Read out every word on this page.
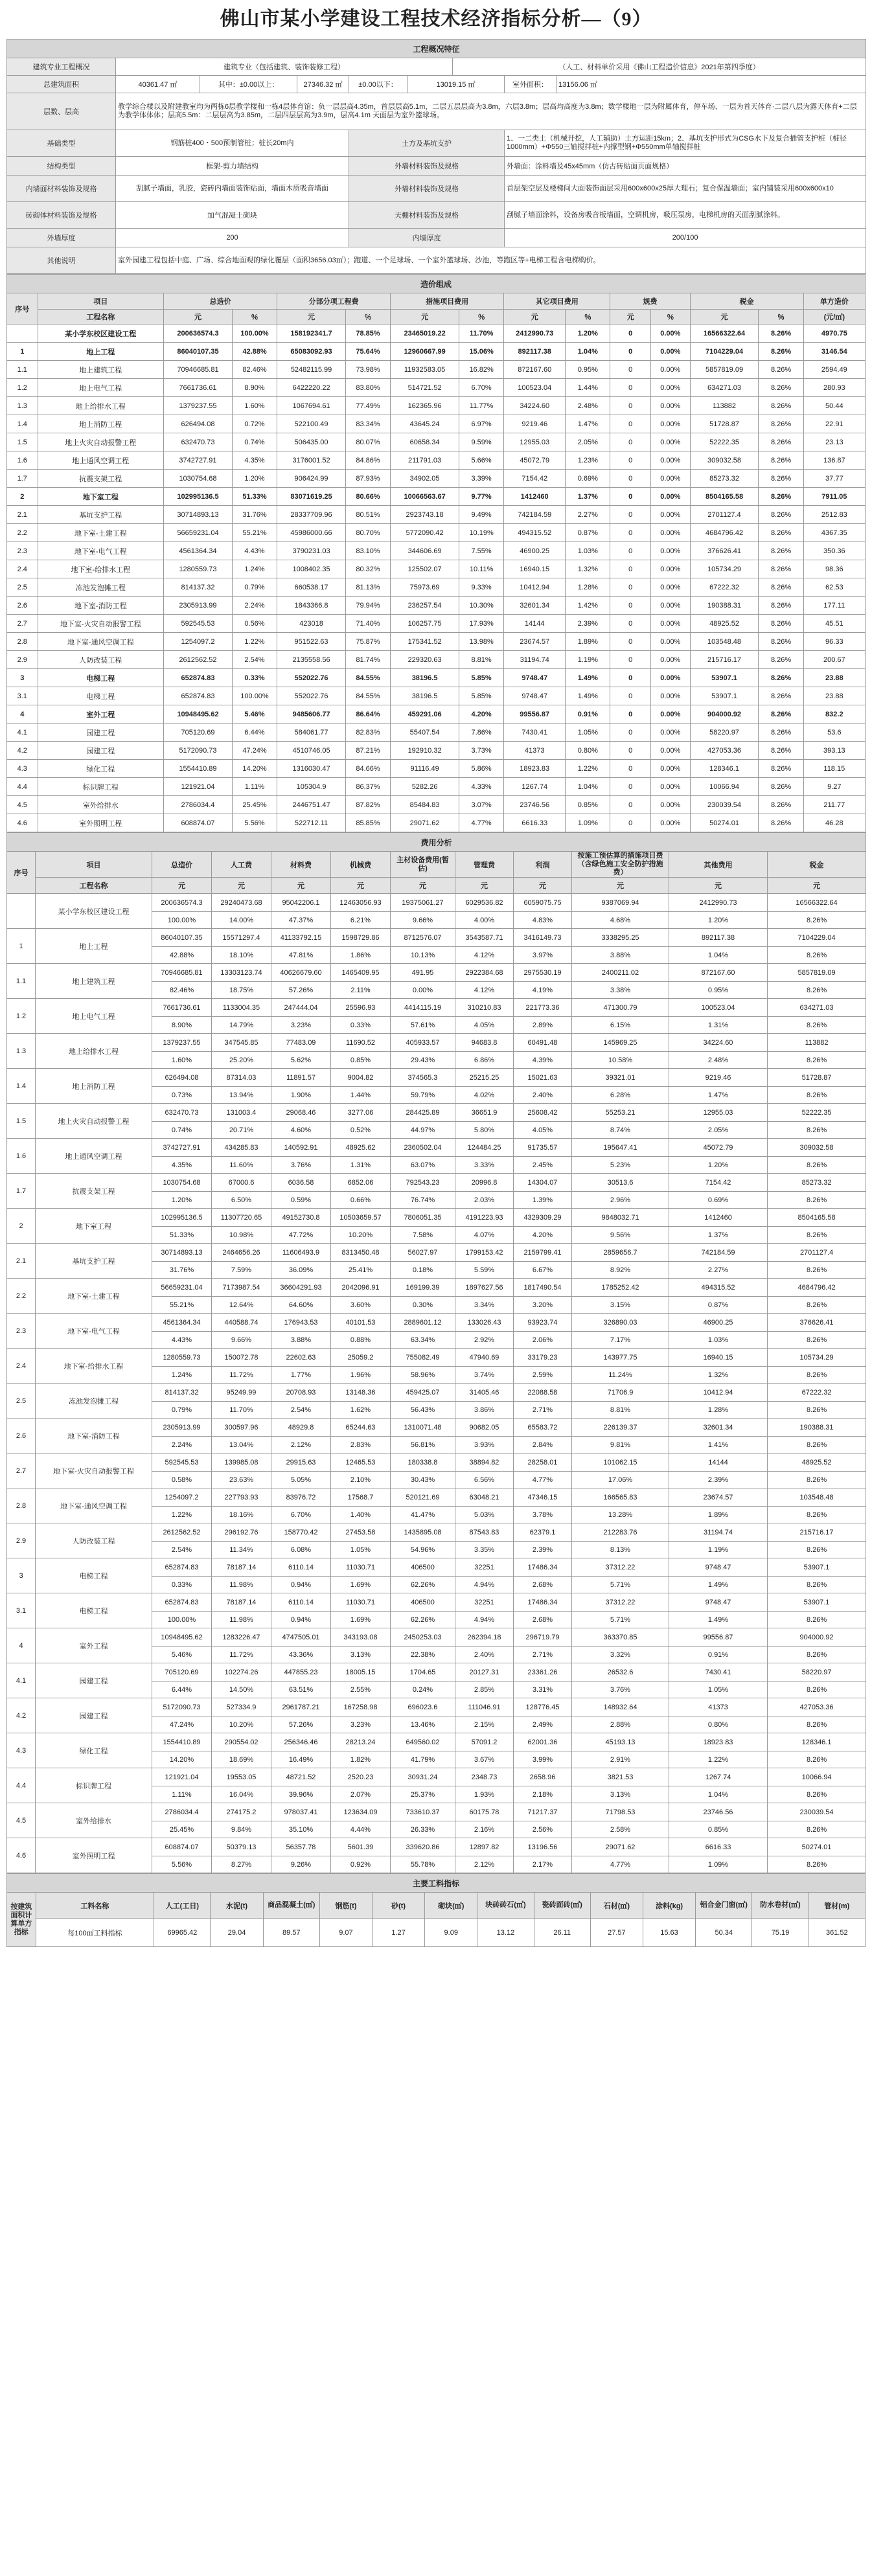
佛山市某小学建设工程技术经济指标分析—（9）
工程概况特征								
建筑专业工程概况	建筑专业（包括建筑、装饰装修工程）					（人工、材料单价采用《佛山工程造价信息》2021年第四季度）		
总建筑面积	40361.47 ㎡	其中：±0.00以上：	27346.32 ㎡	±0.00以下：	13019.15 ㎡		室外面积：	13156.06 ㎡
层数、层高	教学综合楼以及附建教室均为两栋6层教学楼和一栋4层体育馆：负一层层高4.35m，首层层高5.1m，二层五层层高为3.8m，六层3.8m；层高均高度为3.8m；数学楼地一层为附属体育，停车场、一层为首天体育·二层八层为露天体育+二层为教学体体体；层高5.5m：二层层高为3.85m，二层四层层高为3.9m，层高4.1m 天面层为室外篮球场。							
基础类型	钢筋桩400・500预制管桩；桩长20m内			土方及基坑支护			1、一二类土（机械开挖，人工辅助）土方运距15km；2、基坑支护形式为CSG水下及复合插管支护桩（桩径1000mm）+Φ550三轴搅拌桩+内撑型钢+Φ550mm单轴搅拌桩	
结构类型	框架-剪力墙结构			外墙材料装饰及规格			外墙面：涂料墙及45x45mm（仿古砖贴面页面规格）	
内墙面材料装饰及规格	刮腻子墙面，乳胶，瓷砖内墙面装饰贴面，墙面木质吸音墙面			外墙材料装饰及规格			首层架空层及楼梯间大面装饰面层采用600x600x25厚大理石；复合保温墙面；室内铺装采用600x600x10	
砖砌体材料装饰及规格	加气混凝土砌块			天棚材料装饰及规格			刮腻子墙面涂料，设备房吸音板墙面，空调机房，吸压泵房，电梯机房的天面刮腻涂料。	
外墙厚度	200			内墙厚度			200/100	
其他说明	室外园建工程包括中庭、广场、综合地面观的绿化覆层（面积3656.03㎡）；跑道、一个足球场、一个室外篮球场、沙池，等跑区等+电梯工程含电梯购价。							
造价组成														
序号	项目	总造价		分部分项工程费		措施项目费用		其它项目费用		规费		税金		单方造价
	工程名称	元	％	元	％	元	％	元	％	元	％	元	％	(元/㎡)
	某小学东校区建设工程	200636574.3	100.00%	158192341.7	78.85%	23465019.22	11.70%	2412990.73	1.20%	0	0.00%	16566322.64	8.26%	4970.75
1	地上工程	86040107.35	42.88%	65083092.93	75.64%	12960667.99	15.06%	892117.38	1.04%	0	0.00%	7104229.04	8.26%	3146.54
1.1	地上建筑工程	70946685.81	82.46%	52482115.99	73.98%	11932583.05	16.82%	872167.60	0.95%	0	0.00%	5857819.09	8.26%	2594.49
1.2	地上电气工程	7661736.61	8.90%	6422220.22	83.80%	514721.52	6.70%	100523.04	1.44%	0	0.00%	634271.03	8.26%	280.93
1.3	地上给排水工程	1379237.55	1.60%	1067694.61	77.49%	162365.96	11.77%	34224.60	2.48%	0	0.00%	113882	8.26%	50.44
1.4	地上消防工程	626494.08	0.72%	522100.49	83.34%	43645.24	6.97%	9219.46	1.47%	0	0.00%	51728.87	8.26%	22.91
1.5	地上火灾自动报警工程	632470.73	0.74%	506435.00	80.07%	60658.34	9.59%	12955.03	2.05%	0	0.00%	52222.35	8.26%	23.13
1.6	地上通风空调工程	3742727.91	4.35%	3176001.52	84.86%	211791.03	5.66%	45072.79	1.23%	0	0.00%	309032.58	8.26%	136.87
1.7	抗震支架工程	1030754.68	1.20%	906424.99	87.93%	34902.05	3.39%	7154.42	0.69%	0	0.00%	85273.32	8.26%	37.77
2	地下室工程	102995136.5	51.33%	83071619.25	80.66%	10066563.67	9.77%	1412460	1.37%	0	0.00%	8504165.58	8.26%	7911.05
2.1	基坑支护工程	30714893.13	31.76%	28337709.96	80.51%	2923743.18	9.49%	742184.59	2.27%	0	0.00%	2701127.4	8.26%	2512.83
2.2	地下室-土建工程	56659231.04	55.21%	45986000.66	80.70%	5772090.42	10.19%	494315.52	0.87%	0	0.00%	4684796.42	8.26%	4367.35
2.3	地下室-电气工程	4561364.34	4.43%	3790231.03	83.10%	344606.69	7.55%	46900.25	1.03%	0	0.00%	376626.41	8.26%	350.36
2.4	地下室-给排水工程	1280559.73	1.24%	1008402.35	80.32%	125502.07	10.11%	16940.15	1.32%	0	0.00%	105734.29	8.26%	98.36
2.5	冻池发泡摊工程	814137.32	0.79%	660538.17	81.13%	75973.69	9.33%	10412.94	1.28%	0	0.00%	67222.32	8.26%	62.53
2.6	地下室-消防工程	2305913.99	2.24%	1843366.8	79.94%	236257.54	10.30%	32601.34	1.42%	0	0.00%	190388.31	8.26%	177.11
2.7	地下室-火灾自动报警工程	592545.53	0.56%	423018	71.40%	106257.75	17.93%	14144	2.39%	0	0.00%	48925.52	8.26%	45.51
2.8	地下室-通风空调工程	1254097.2	1.22%	951522.63	75.87%	175341.52	13.98%	23674.57	1.89%	0	0.00%	103548.48	8.26%	96.33
2.9	人防改装工程	2612562.52	2.54%	2135558.56	81.74%	229320.63	8.81%	31194.74	1.19%	0	0.00%	215716.17	8.26%	200.67
3	电梯工程	652874.83	0.33%	552022.76	84.55%	38196.5	5.85%	9748.47	1.49%	0	0.00%	53907.1	8.26%	23.88
3.1	电梯工程	652874.83	100.00%	552022.76	84.55%	38196.5	5.85%	9748.47	1.49%	0	0.00%	53907.1	8.26%	23.88
4	室外工程	10948495.62	5.46%	9485606.77	86.64%	459291.06	4.20%	99556.87	0.91%	0	0.00%	904000.92	8.26%	832.2
4.1	园建工程	705120.69	6.44%	584061.77	82.83%	55407.54	7.86%	7430.41	1.05%	0	0.00%	58220.97	8.26%	53.6
4.2	园建工程	5172090.73	47.24%	4510746.05	87.21%	192910.32	3.73%	41373	0.80%	0	0.00%	427053.36	8.26%	393.13
4.3	绿化工程	1554410.89	14.20%	1316030.47	84.66%	91116.49	5.86%	18923.83	1.22%	0	0.00%	128346.1	8.26%	118.15
4.4	标识牌工程	121921.04	1.11%	105304.9	86.37%	5282.26	4.33%	1267.74	1.04%	0	0.00%	10066.94	8.26%	9.27
4.5	室外给排水	2786034.4	25.45%	2446751.47	87.82%	85484.83	3.07%	23746.56	0.85%	0	0.00%	230039.54	8.26%	211.77
4.6	室外照明工程	608874.07	5.56%	522712.11	85.85%	29071.62	4.77%	6616.33	1.09%	0	0.00%	50274.01	8.26%	46.28
费用分析											
序号	项目	总造价	人工费	材料费	机械费	主材设备费用(暂估)	管理费	利润	按施工预估算的措施项目费（含绿色施工安全防护措施费）	其他费用	税金
	工程名称										
		元	元	元	元	元	元	元	元	元	元
	某小学东校区建设工程	200636574.3	29240473.68	95042206.1	12463056.93	19375061.27	6029536.82	6059075.75	9387069.94	2412990.73	16566322.64
		100.00%	14.00%	47.37%	6.21%	9.66%	4.00%	4.83%	4.68%	1.20%	8.26%
1	地上工程	86040107.35	15571297.4	41133792.15	1598729.86	8712576.07	3543587.71	3416149.73	3338295.25	892117.38	7104229.04
		42.88%	18.10%	47.81%	1.86%	10.13%	4.12%	3.97%	3.88%	1.04%	8.26%
1.1	地上建筑工程	70946685.81	13303123.74	40626679.60	1465409.95	491.95	2922384.68	2975530.19	2400211.02	872167.60	5857819.09
		82.46%	18.75%	57.26%	2.11%	0.00%	4.12%	4.19%	3.38%	0.95%	8.26%
1.2	地上电气工程	7661736.61	1133004.35	247444.04	25596.93	4414115.19	310210.83	221773.36	471300.79	100523.04	634271.03
		8.90%	14.79%	3.23%	0.33%	57.61%	4.05%	2.89%	6.15%	1.31%	8.26%
1.3	地上给排水工程	1379237.55	347545.85	77483.09	11690.52	405933.57	94683.8	60491.48	145969.25	34224.60	113882
		1.60%	25.20%	5.62%	0.85%	29.43%	6.86%	4.39%	10.58%	2.48%	8.26%
1.4	地上消防工程	626494.08	87314.03	11891.57	9004.82	374565.3	25215.25	15021.63	39321.01	9219.46	51728.87
		0.73%	13.94%	1.90%	1.44%	59.79%	4.02%	2.40%	6.28%	1.47%	8.26%
1.5	地上火灾自动报警工程	632470.73	131003.4	29068.46	3277.06	284425.89	36651.9	25608.42	55253.21	12955.03	52222.35
		0.74%	20.71%	4.60%	0.52%	44.97%	5.80%	4.05%	8.74%	2.05%	8.26%
1.6	地上通风空调工程	3742727.91	434285.83	140592.91	48925.62	2360502.04	124484.25	91735.57	195647.41	45072.79	309032.58
		4.35%	11.60%	3.76%	1.31%	63.07%	3.33%	2.45%	5.23%	1.20%	8.26%
1.7	抗震支架工程	1030754.68	67000.6	6036.58	6852.06	792543.23	20996.8	14304.07	30513.6	7154.42	85273.32
		1.20%	6.50%	0.59%	0.66%	76.74%	2.03%	1.39%	2.96%	0.69%	8.26%
2	地下室工程	102995136.5	11307720.65	49152730.8	10503659.57	7806051.35	4191223.93	4329309.29	9848032.71	1412460	8504165.58
		51.33%	10.98%	47.72%	10.20%	7.58%	4.07%	4.20%	9.56%	1.37%	8.26%
2.1	基坑支护工程	30714893.13	2464656.26	11606493.9	8313450.48	56027.97	1799153.42	2159799.41	2859656.7	742184.59	2701127.4
		31.76%	7.59%	36.09%	25.41%	0.18%	5.59%	6.67%	8.92%	2.27%	8.26%
2.2	地下室-土建工程	56659231.04	7173987.54	36604291.93	2042096.91	169199.39	1897627.56	1817490.54	1785252.42	494315.52	4684796.42
		55.21%	12.64%	64.60%	3.60%	0.30%	3.34%	3.20%	3.15%	0.87%	8.26%
2.3	地下室-电气工程	4561364.34	440588.74	176943.53	40101.53	2889601.12	133026.43	93923.74	326890.03	46900.25	376626.41
		4.43%	9.66%	3.88%	0.88%	63.34%	2.92%	2.06%	7.17%	1.03%	8.26%
2.4	地下室-给排水工程	1280559.73	150072.78	22602.63	25059.2	755082.49	47940.69	33179.23	143977.75	16940.15	105734.29
		1.24%	11.72%	1.77%	1.96%	58.96%	3.74%	2.59%	11.24%	1.32%	8.26%
2.5	冻池发泡摊工程	814137.32	95249.99	20708.93	13148.36	459425.07	31405.46	22088.58	71706.9	10412.94	67222.32
		0.79%	11.70%	2.54%	1.62%	56.43%	3.86%	2.71%	8.81%	1.28%	8.26%
2.6	地下室-消防工程	2305913.99	300597.96	48929.8	65244.63	1310071.48	90682.05	65583.72	226139.37	32601.34	190388.31
		2.24%	13.04%	2.12%	2.83%	56.81%	3.93%	2.84%	9.81%	1.41%	8.26%
2.7	地下室-火灾自动报警工程	592545.53	139985.08	29915.63	12465.53	180338.8	38894.82	28258.01	101062.15	14144	48925.52
		0.58%	23.63%	5.05%	2.10%	30.43%	6.56%	4.77%	17.06%	2.39%	8.26%
2.8	地下室-通风空调工程	1254097.2	227793.93	83976.72	17568.7	520121.69	63048.21	47346.15	166565.83	23674.57	103548.48
		1.22%	18.16%	6.70%	1.40%	41.47%	5.03%	3.78%	13.28%	1.89%	8.26%
2.9	人防改装工程	2612562.52	296192.76	158770.42	27453.58	1435895.08	87543.83	62379.1	212283.76	31194.74	215716.17
		2.54%	11.34%	6.08%	1.05%	54.96%	3.35%	2.39%	8.13%	1.19%	8.26%
3	电梯工程	652874.83	78187.14	6110.14	11030.71	406500	32251	17486.34	37312.22	9748.47	53907.1
		0.33%	11.98%	0.94%	1.69%	62.26%	4.94%	2.68%	5.71%	1.49%	8.26%
3.1	电梯工程	652874.83	78187.14	6110.14	11030.71	406500	32251	17486.34	37312.22	9748.47	53907.1
		100.00%	11.98%	0.94%	1.69%	62.26%	4.94%	2.68%	5.71%	1.49%	8.26%
4	室外工程	10948495.62	1283226.47	4747505.01	343193.08	2450253.03	262394.18	296719.79	363370.85	99556.87	904000.92
		5.46%	11.72%	43.36%	3.13%	22.38%	2.40%	2.71%	3.32%	0.91%	8.26%
4.1	园建工程	705120.69	102274.26	447855.23	18005.15	1704.65	20127.31	23361.26	26532.6	7430.41	58220.97
		6.44%	14.50%	63.51%	2.55%	0.24%	2.85%	3.31%	3.76%	1.05%	8.26%
4.2	园建工程	5172090.73	527334.9	2961787.21	167258.98	696023.6	111046.91	128776.45	148932.64	41373	427053.36
		47.24%	10.20%	57.26%	3.23%	13.46%	2.15%	2.49%	2.88%	0.80%	8.26%
4.3	绿化工程	1554410.89	290554.02	256346.46	28213.24	649560.02	57091.2	62001.36	45193.13	18923.83	128346.1
		14.20%	18.69%	16.49%	1.82%	41.79%	3.67%	3.99%	2.91%	1.22%	8.26%
4.4	标识牌工程	121921.04	19553.05	48721.52	2520.23	30931.24	2348.73	2658.96	3821.53	1267.74	10066.94
		1.11%	16.04%	39.96%	2.07%	25.37%	1.93%	2.18%	3.13%	1.04%	8.26%
4.5	室外给排水	2786034.4	274175.2	978037.41	123634.09	733610.37	60175.78	71217.37	71798.53	23746.56	230039.54
		25.45%	9.84%	35.10%	4.44%	26.33%	2.16%	2.56%	2.58%	0.85%	8.26%
4.6	室外照明工程	608874.07	50379.13	56357.78	5601.39	339620.86	12897.82	13196.56	29071.62	6616.33	50274.01
		5.56%	8.27%	9.26%	0.92%	55.78%	2.12%	2.17%	4.77%	1.09%	8.26%
主要工料指标														
按建筑面积计算单方指标	工料名称	人工(工日)	水泥(t)	商品混凝土(㎥)	钢筋(t)	砂(t)	砌块(㎥)	块砖砖石(㎥)	瓷砖面砖(㎡)	石材(㎡)	涂料(kg)	铝合金门窗(㎡)	防水卷材(㎡)	管材(m)
	每100㎡工料指标	69965.42	29.04	89.57	9.07	1.27	9.09	13.12	26.11	27.57	15.63	50.34	75.19	361.52
